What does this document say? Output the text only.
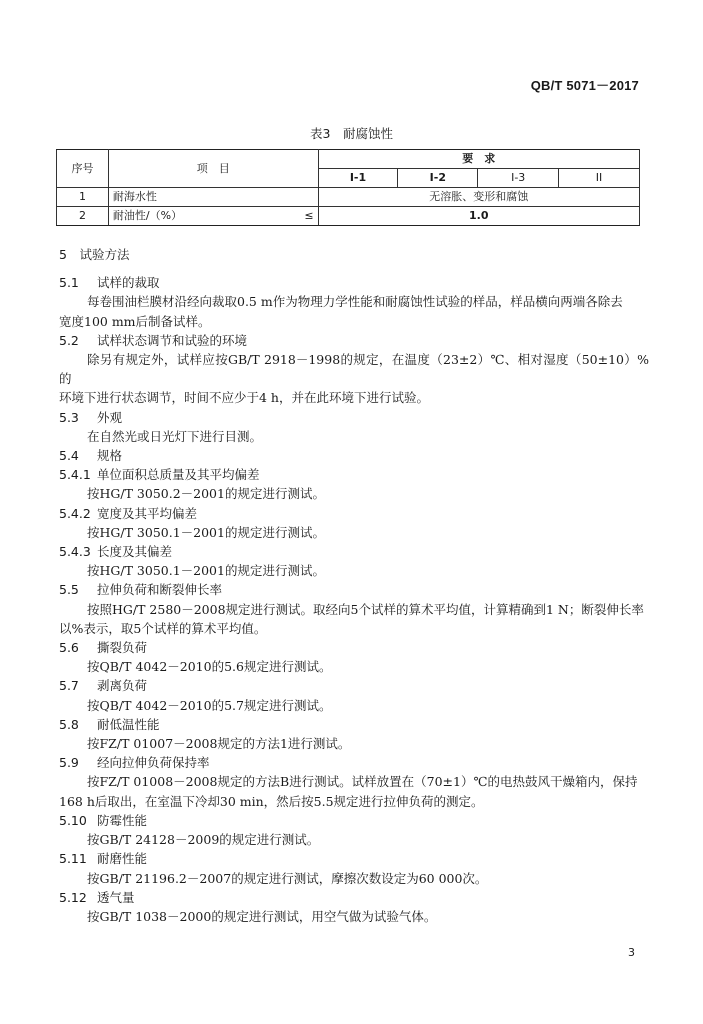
QB/T 5071－2017
表3　耐腐蚀性
序号	项　目	要　求			
		I-1	I-2	I-3	II
1	耐海水性	无溶胀、变形和腐蚀			
2	耐油性/（%） ≤	1.0			
5　试验方法
5.1 试样的裁取

每卷围油栏膜材沿经向裁取0.5 m作为物理力学性能和耐腐蚀性试验的样品，样品横向两端各除去

宽度100 mm后制备试样。

5.2 试样状态调节和试验的环境

除另有规定外，试样应按GB/T 2918－1998的规定，在温度（23±2）℃、相对湿度（50±10）%的

环境下进行状态调节，时间不应少于4 h，并在此环境下进行试验。

5.3 外观

在自然光或日光灯下进行目测。

5.4 规格
5.4.1 单位面积总质量及其平均偏差

按HG/T 3050.2－2001的规定进行测试。

5.4.2 宽度及其平均偏差

按HG/T 3050.1－2001的规定进行测试。

5.4.3 长度及其偏差

按HG/T 3050.1－2001的规定进行测试。

5.5 拉伸负荷和断裂伸长率

按照HG/T 2580－2008规定进行测试。取经向5个试样的算术平均值，计算精确到1 N；断裂伸长率

以%表示，取5个试样的算术平均值。

5.6 撕裂负荷

按QB/T 4042－2010的5.6规定进行测试。

5.7 剥离负荷

按QB/T 4042－2010的5.7规定进行测试。

5.8 耐低温性能

按FZ/T 01007－2008规定的方法1进行测试。

5.9 经向拉伸负荷保持率

按FZ/T 01008－2008规定的方法B进行测试。试样放置在（70±1）℃的电热鼓风干燥箱内，保持

168 h后取出，在室温下冷却30 min，然后按5.5规定进行拉伸负荷的测定。

5.10 防霉性能

按GB/T 24128－2009的规定进行测试。

5.11 耐磨性能

按GB/T 21196.2－2007的规定进行测试，摩擦次数设定为60 000次。

5.12 透气量

按GB/T 1038－2000的规定进行测试，用空气做为试验气体。

3
